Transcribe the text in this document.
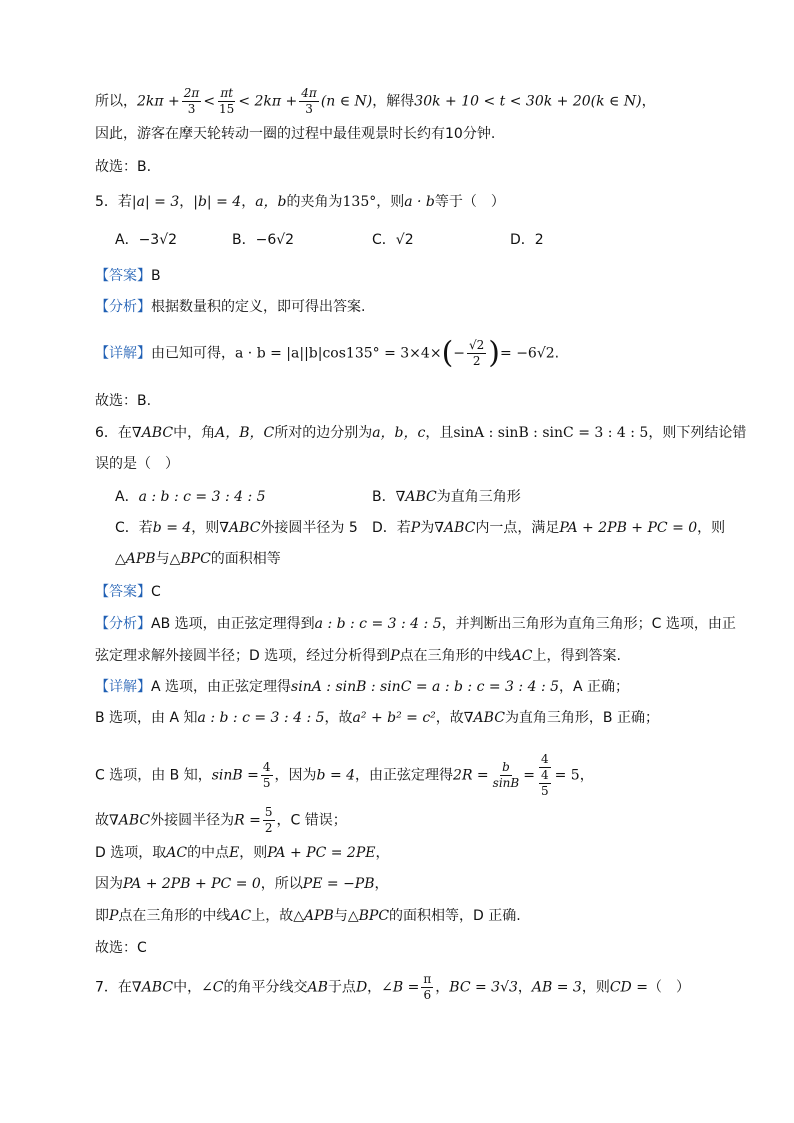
所以，$2k\pi + \frac{2\pi}{3} < \frac{\pi t}{15} < 2k\pi + \frac{4\pi}{3} (n$ ∈ N)，解得30k + 10 < t < 30k + 20(k ∈ N)，
因此，游客在摩天轮转动一圈的过程中最佳观景时长约有10分钟.
故选：B.
5．若|a| = 3，|b| = 4，a，b的夹角为135°，则a · b等于（　）
A．−3√2	B．−6√2	C．√2	D．2
【答案】B
【分析】根据数量积的定义，即可得出答案.
【详解】由已知可得，$a \cdot b = |a||b|\cos 135^\circ = 3\times 4\times(- \frac{√2}{2}$ )= −6√2.
故选：B.
6．在∇ABC中，角A，B，C所对的边分别为a，b，c，且sinA : sinB : sinC = 3 : 4 : 5，则下列结论错
误的是（　）
A．a : b : c = 3 : 4 : 5	B．∇ABC为直角三角形
C．若b = 4，则∇ABC外接圆半径为 5 D．若P为∇ABC内一点，满足PA + 2PB + PC = 0，则
△APB与△BPC的面积相等
【答案】C
【分析】AB 选项，由正弦定理得到a : b : c = 3 : 4 : 5，并判断出三角形为直角三角形；C 选项，由正
弦定理求解外接圆半径；D 选项，经过分析得到P点在三角形的中线AC上，得到答案.
【详解】A 选项，由正弦定理得sinA : sinB : sinC = a : b : c = 3 : 4 : 5，A 正确；
B 选项，由 A 知a : b : c = 3 : 4 : 5，故a² + b² = c²，故∇ABC为直角三角形，B 正确；
C 选项，由 B 知，$\sin B = \frac{4}{5}$ ，因为b = 4，由正弦定理得$2R = \frac{b}{\sin B} = \frac{4}{\frac{4}{5}} = 5$，
故∇ABC外接圆半径为$R = \frac{5}{2}$ ，C 错误；
D 选项，取AC的中点E，则PA + PC = 2PE，
因为PA + 2PB + PC = 0，所以PE = −PB，
即P点在三角形的中线AC上，故△APB与△BPC的面积相等，D 正确.
故选：C
7．在∇ABC中，∠C的角平分线交AB于点D，∠B = $\frac{\pi}{6}$ ，BC = 3√3，AB = 3，则CD =（　）
